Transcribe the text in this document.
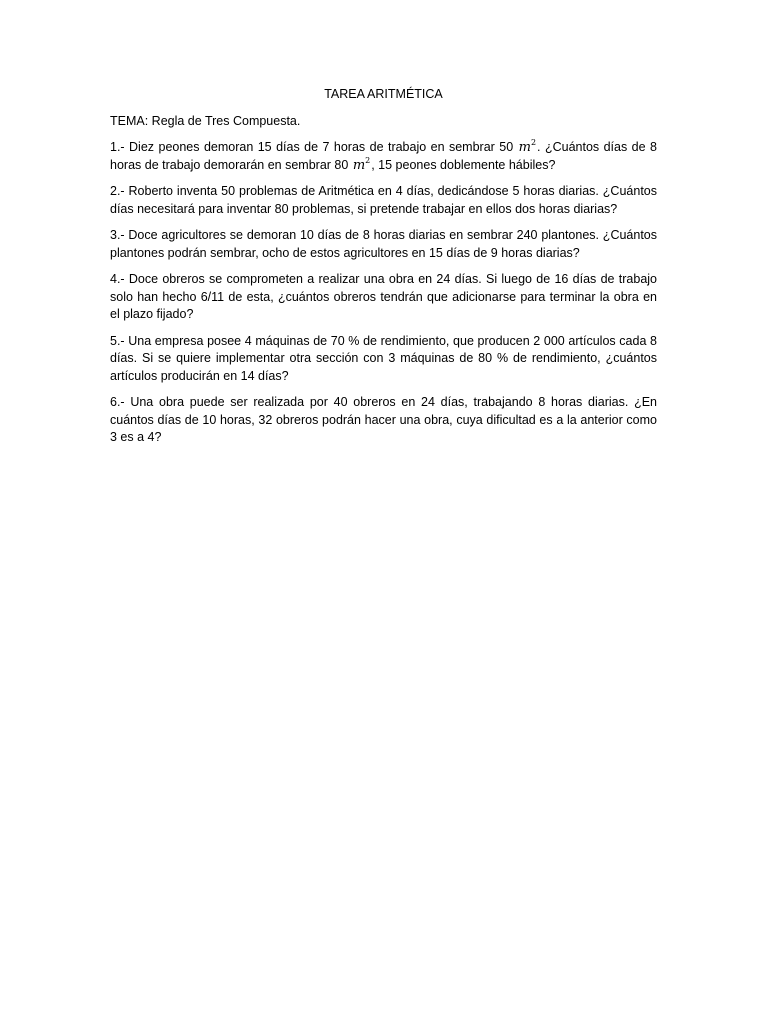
TAREA ARITMÉTICA

TEMA: Regla de Tres Compuesta.

1.- Diez peones demoran 15 días de 7 horas de trabajo en sembrar 50 $m^2$. ¿Cuántos días de 8 horas de trabajo demorarán en sembrar 80 $m^2$, 15 peones doblemente hábiles?

2.- Roberto inventa 50 problemas de Aritmética en 4 días, dedicándose 5 horas diarias. ¿Cuántos días necesitará para inventar 80 problemas, si pretende trabajar en ellos dos horas diarias?

3.- Doce agricultores se demoran 10 días de 8 horas diarias en sembrar 240 plantones. ¿Cuántos plantones podrán sembrar, ocho de estos agricultores en 15 días de 9 horas diarias?

4.- Doce obreros se comprometen a realizar una obra en 24 días. Si luego de 16 días de trabajo solo han hecho 6/11 de esta, ¿cuántos obreros tendrán que adicionarse para terminar la obra en el plazo fijado?

5.- Una empresa posee 4 máquinas de 70 % de rendimiento, que producen 2 000 artículos cada 8 días. Si se quiere implementar otra sección con 3 máquinas de 80 % de rendimiento, ¿cuántos artículos producirán en 14 días?

6.- Una obra puede ser realizada por 40 obreros en 24 días, trabajando 8 horas diarias. ¿En cuántos días de 10 horas, 32 obreros podrán hacer una obra, cuya dificultad es a la anterior como 3 es a 4?
